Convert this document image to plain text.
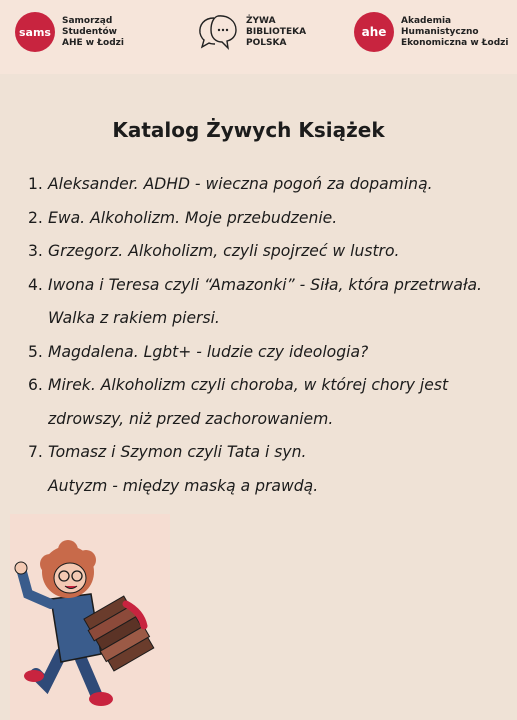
sams
Samorząd
Studentów
AHE w Łodzi
ŻYWA
BIBLIOTEKA
POLSKA
ahe
Akademia
Humanistyczno
Ekonomiczna w Łodzi
Katalog Żywych Książek
1. Aleksander. ADHD - wieczna pogoń za dopaminą.
2. Ewa. Alkoholizm. Moje przebudzenie.
3. Grzegorz. Alkoholizm, czyli spojrzeć w lustro.
4. Iwona i Teresa czyli “Amazonki” - Siła, która przetrwała.
Walka z rakiem piersi.
5. Magdalena. Lgbt+ - ludzie czy ideologia?
6. Mirek. Alkoholizm czyli choroba, w której chory jest
zdrowszy, niż przed zachorowaniem.
7. Tomasz i Szymon czyli Tata i syn.
Autyzm - między maską a prawdą.
